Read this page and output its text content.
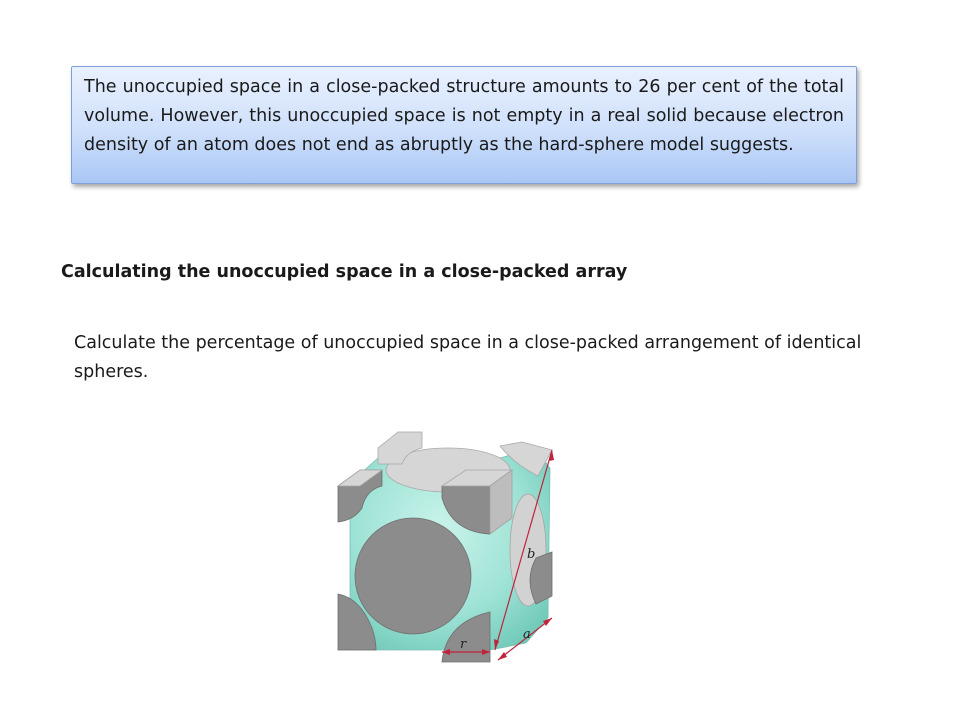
The unoccupied space in a close-packed structure amounts to 26 per cent of the total volume. However, this unoccupied space is not empty in a real solid because electron density of an atom does not end as abruptly as the hard-sphere model suggests.
Calculating the unoccupied space in a close-packed array
Calculate the percentage of unoccupied space in a close-packed arrangement of identical spheres.
b
a
r
